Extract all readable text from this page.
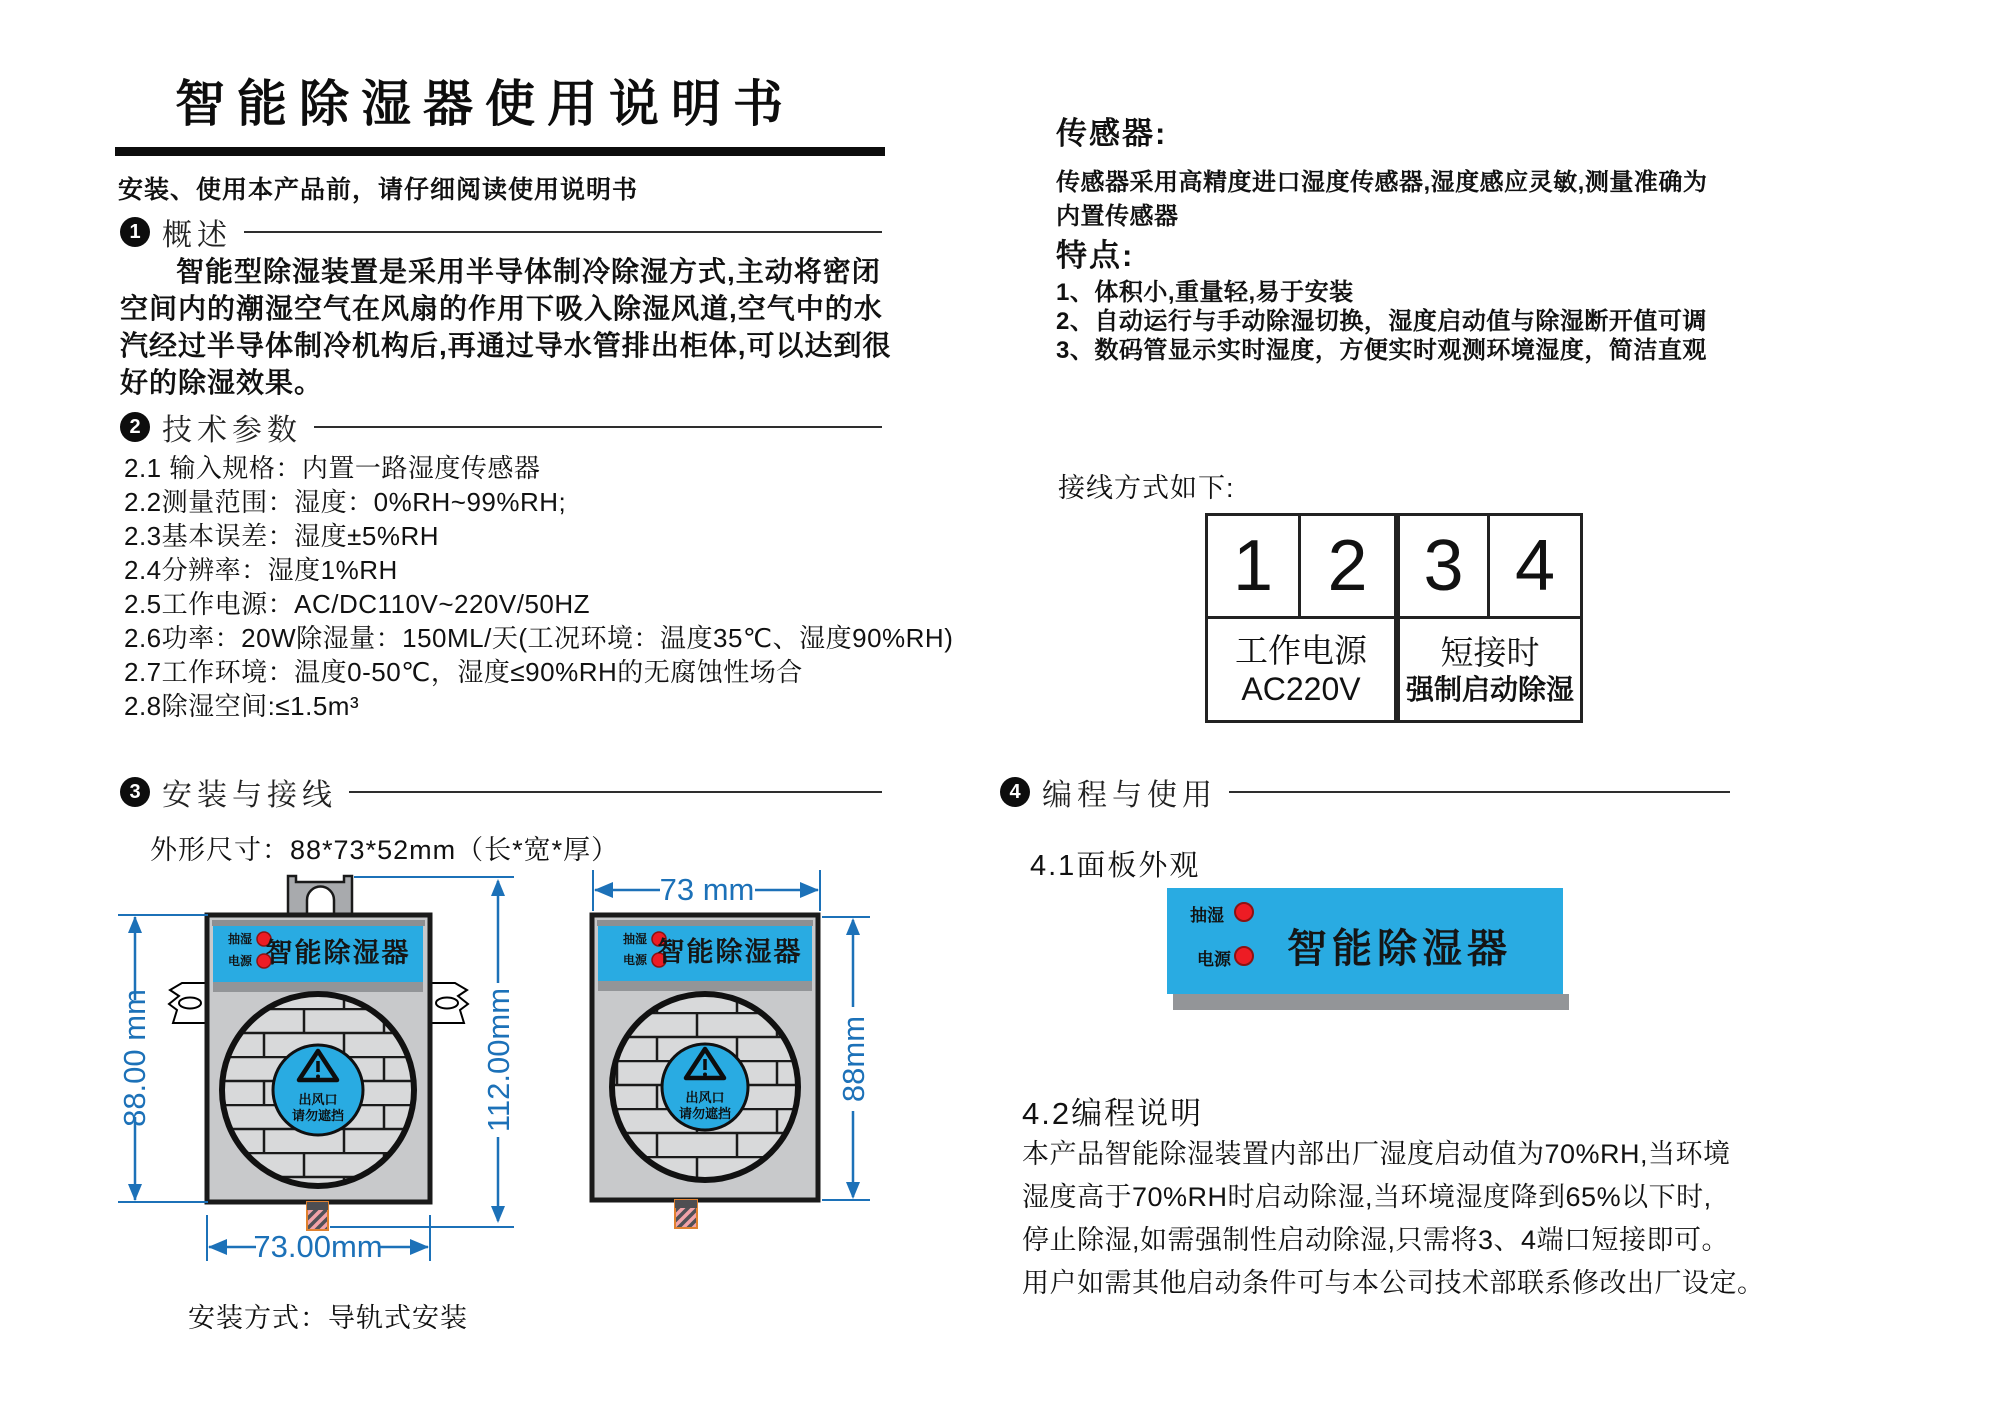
智能除湿器使用说明书
安装、使用本产品前，请仔细阅读使用说明书
1 概述
智能型除湿装置是采用半导体制冷除湿方式,主动将密闭
空间内的潮湿空气在风扇的作用下吸入除湿风道,空气中的水
汽经过半导体制冷机构后,再通过导水管排出柜体,可以达到很
好的除湿效果。
2 技术参数
2.1 输入规格：内置一路湿度传感器
2.2测量范围：湿度：0%RH~99%RH;
2.3基本误差：湿度±5%RH
2.4分辨率：湿度1%RH
2.5工作电源：AC/DC110V~220V/50HZ
2.6功率：20W除湿量：150ML/天(工况环境：温度35℃、湿度90%RH)
2.7工作环境：温度0-50℃，湿度≤90%RH的无腐蚀性场合
2.8除湿空间:≤1.5m³
3 安装与接线
外形尺寸：88*73*52mm（长*宽*厚）
抽湿
电源 智能除湿器
出风口
请勿遮挡
88.00 mm	112.00mm
73.00mm
73 mm
抽湿
电源 智能除湿器
出风口
请勿遮挡
88mm
安装方式：导轨式安装
传感器:
传感器采用高精度进口湿度传感器,湿度感应灵敏,测量准确为
内置传感器
特点:
1、体积小,重量轻,易于安装
2、自动运行与手动除湿切换，湿度启动值与除湿断开值可调
3、数码管显示实时湿度，方便实时观测环境湿度，简洁直观
接线方式如下:
1 2
工作电源
AC220V
3 4
短接时
强制启动除湿
4 编程与使用
4.1面板外观
抽湿
电源 智能除湿器
4.2编程说明
本产品智能除湿装置内部出厂湿度启动值为70%RH,当环境
湿度高于70%RH时启动除湿,当环境湿度降到65%以下时,
停止除湿,如需强制性启动除湿,只需将3、4端口短接即可。
用户如需其他启动条件可与本公司技术部联系修改出厂设定。
